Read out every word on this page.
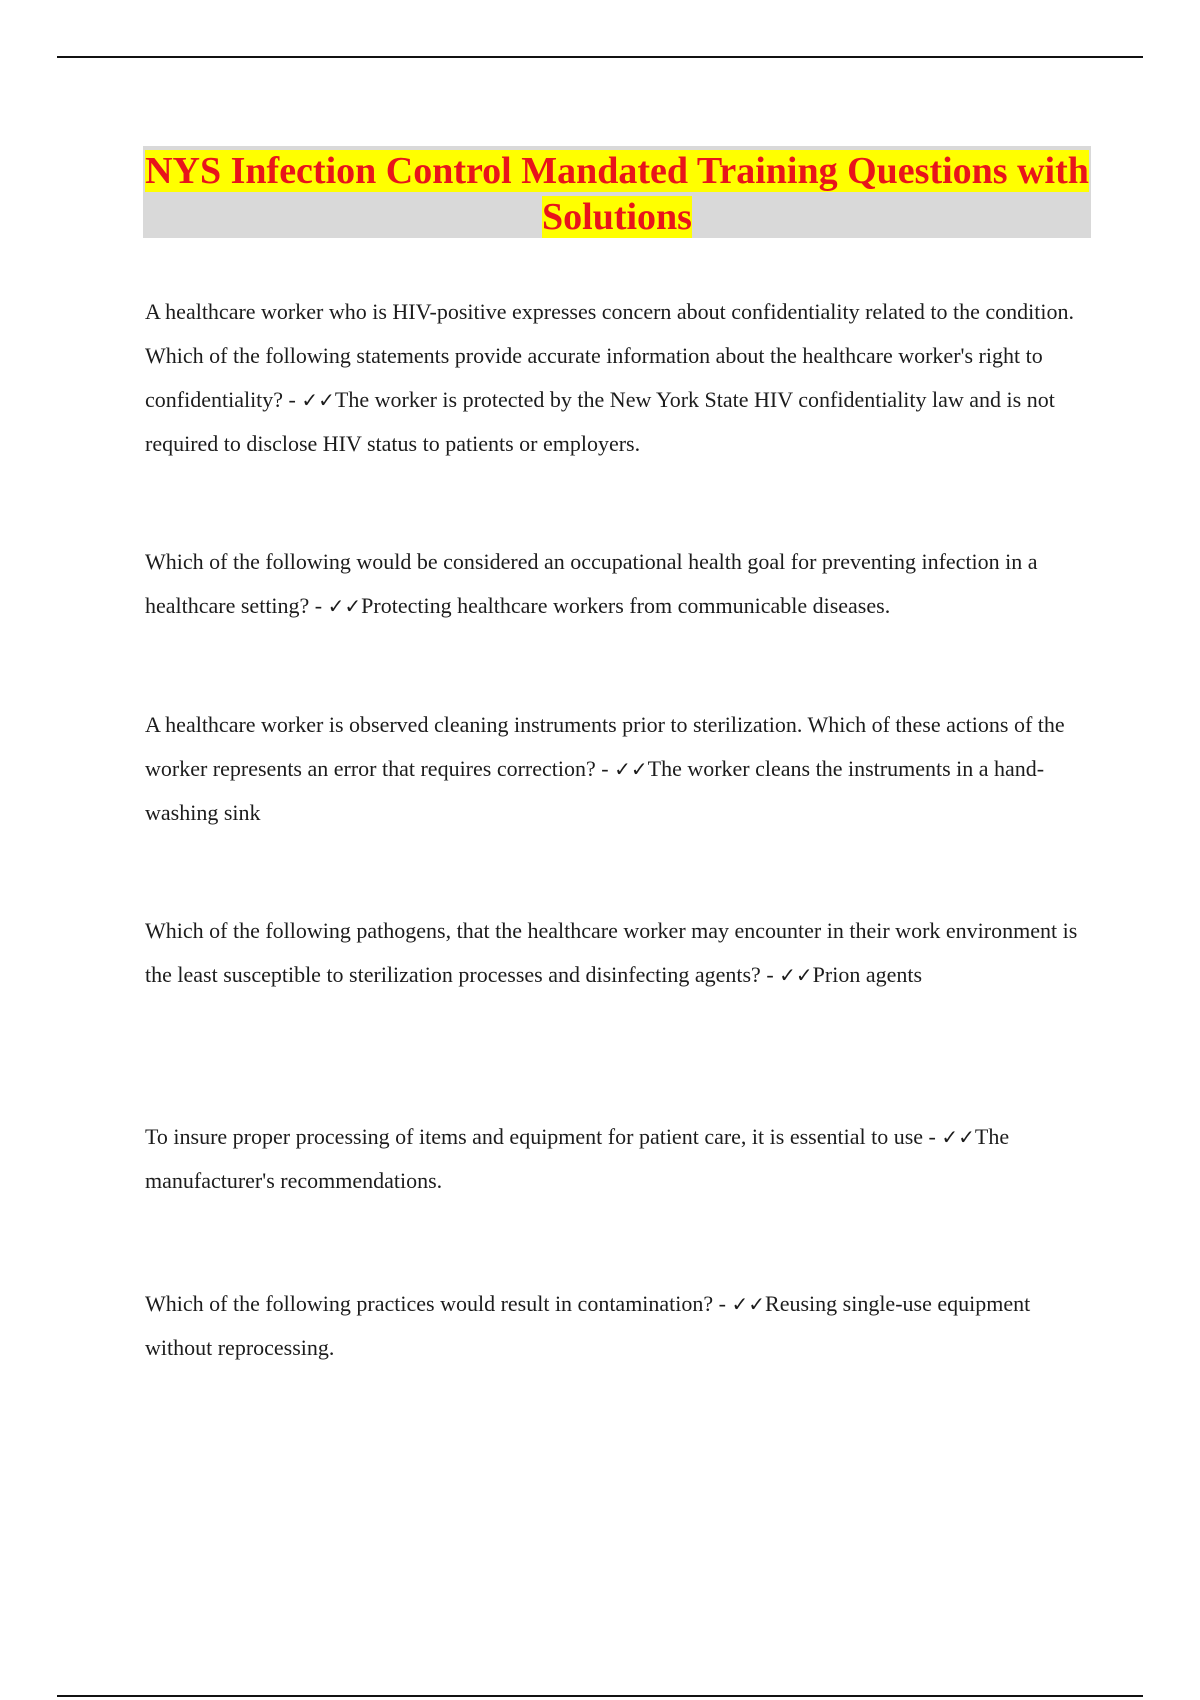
NYS Infection Control Mandated Training Questions with Solutions

A healthcare worker who is HIV-positive expresses concern about confidentiality related to the condition. Which of the following statements provide accurate information about the healthcare worker's right to confidentiality? - ✓✓The worker is protected by the New York State HIV confidentiality law and is not required to disclose HIV status to patients or employers.

Which of the following would be considered an occupational health goal for preventing infection in a healthcare setting? - ✓✓Protecting healthcare workers from communicable diseases.

A healthcare worker is observed cleaning instruments prior to sterilization. Which of these actions of the worker represents an error that requires correction? - ✓✓The worker cleans the instruments in a hand-washing sink

Which of the following pathogens, that the healthcare worker may encounter in their work environment is the least susceptible to sterilization processes and disinfecting agents? - ✓✓Prion agents

To insure proper processing of items and equipment for patient care, it is essential to use - ✓✓The manufacturer's recommendations.

Which of the following practices would result in contamination? - ✓✓Reusing single-use equipment without reprocessing.
